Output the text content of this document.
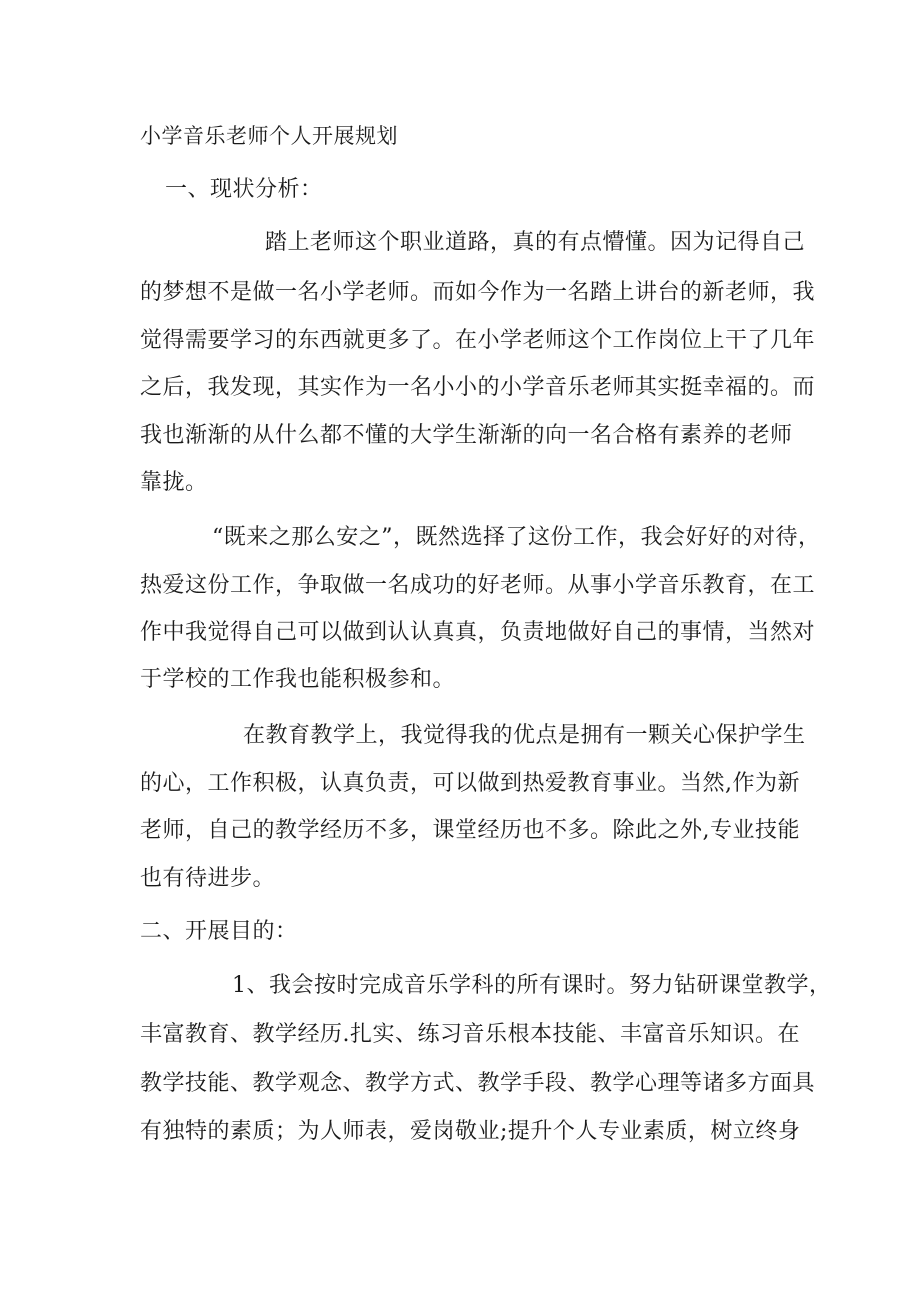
小学音乐老师个人开展规划
一、现状分析：
踏上老师这个职业道路，真的有点懵懂。因为记得自己
的梦想不是做一名小学老师。而如今作为一名踏上讲台的新老师，我
觉得需要学习的东西就更多了。在小学老师这个工作岗位上干了几年
之后，我发现，其实作为一名小小的小学音乐老师其实挺幸福的。而
我也渐渐的从什么都不懂的大学生渐渐的向一名合格有素养的老师
靠拢。
“既来之那么安之”，既然选择了这份工作，我会好好的对待，
热爱这份工作，争取做一名成功的好老师。从事小学音乐教育，在工
作中我觉得自己可以做到认认真真，负责地做好自己的事情，当然对
于学校的工作我也能积极参和。
在教育教学上，我觉得我的优点是拥有一颗关心保护学生
的心，工作积极，认真负责，可以做到热爱教育事业。当然,作为新
老师，自己的教学经历不多，课堂经历也不多。除此之外,专业技能
也有待进步。
二、开展目的：
1、我会按时完成音乐学科的所有课时。努力钻研课堂教学，
丰富教育、教学经历.扎实、练习音乐根本技能、丰富音乐知识。在
教学技能、教学观念、教学方式、教学手段、教学心理等诸多方面具
有独特的素质；为人师表，爱岗敬业;提升个人专业素质，树立终身
